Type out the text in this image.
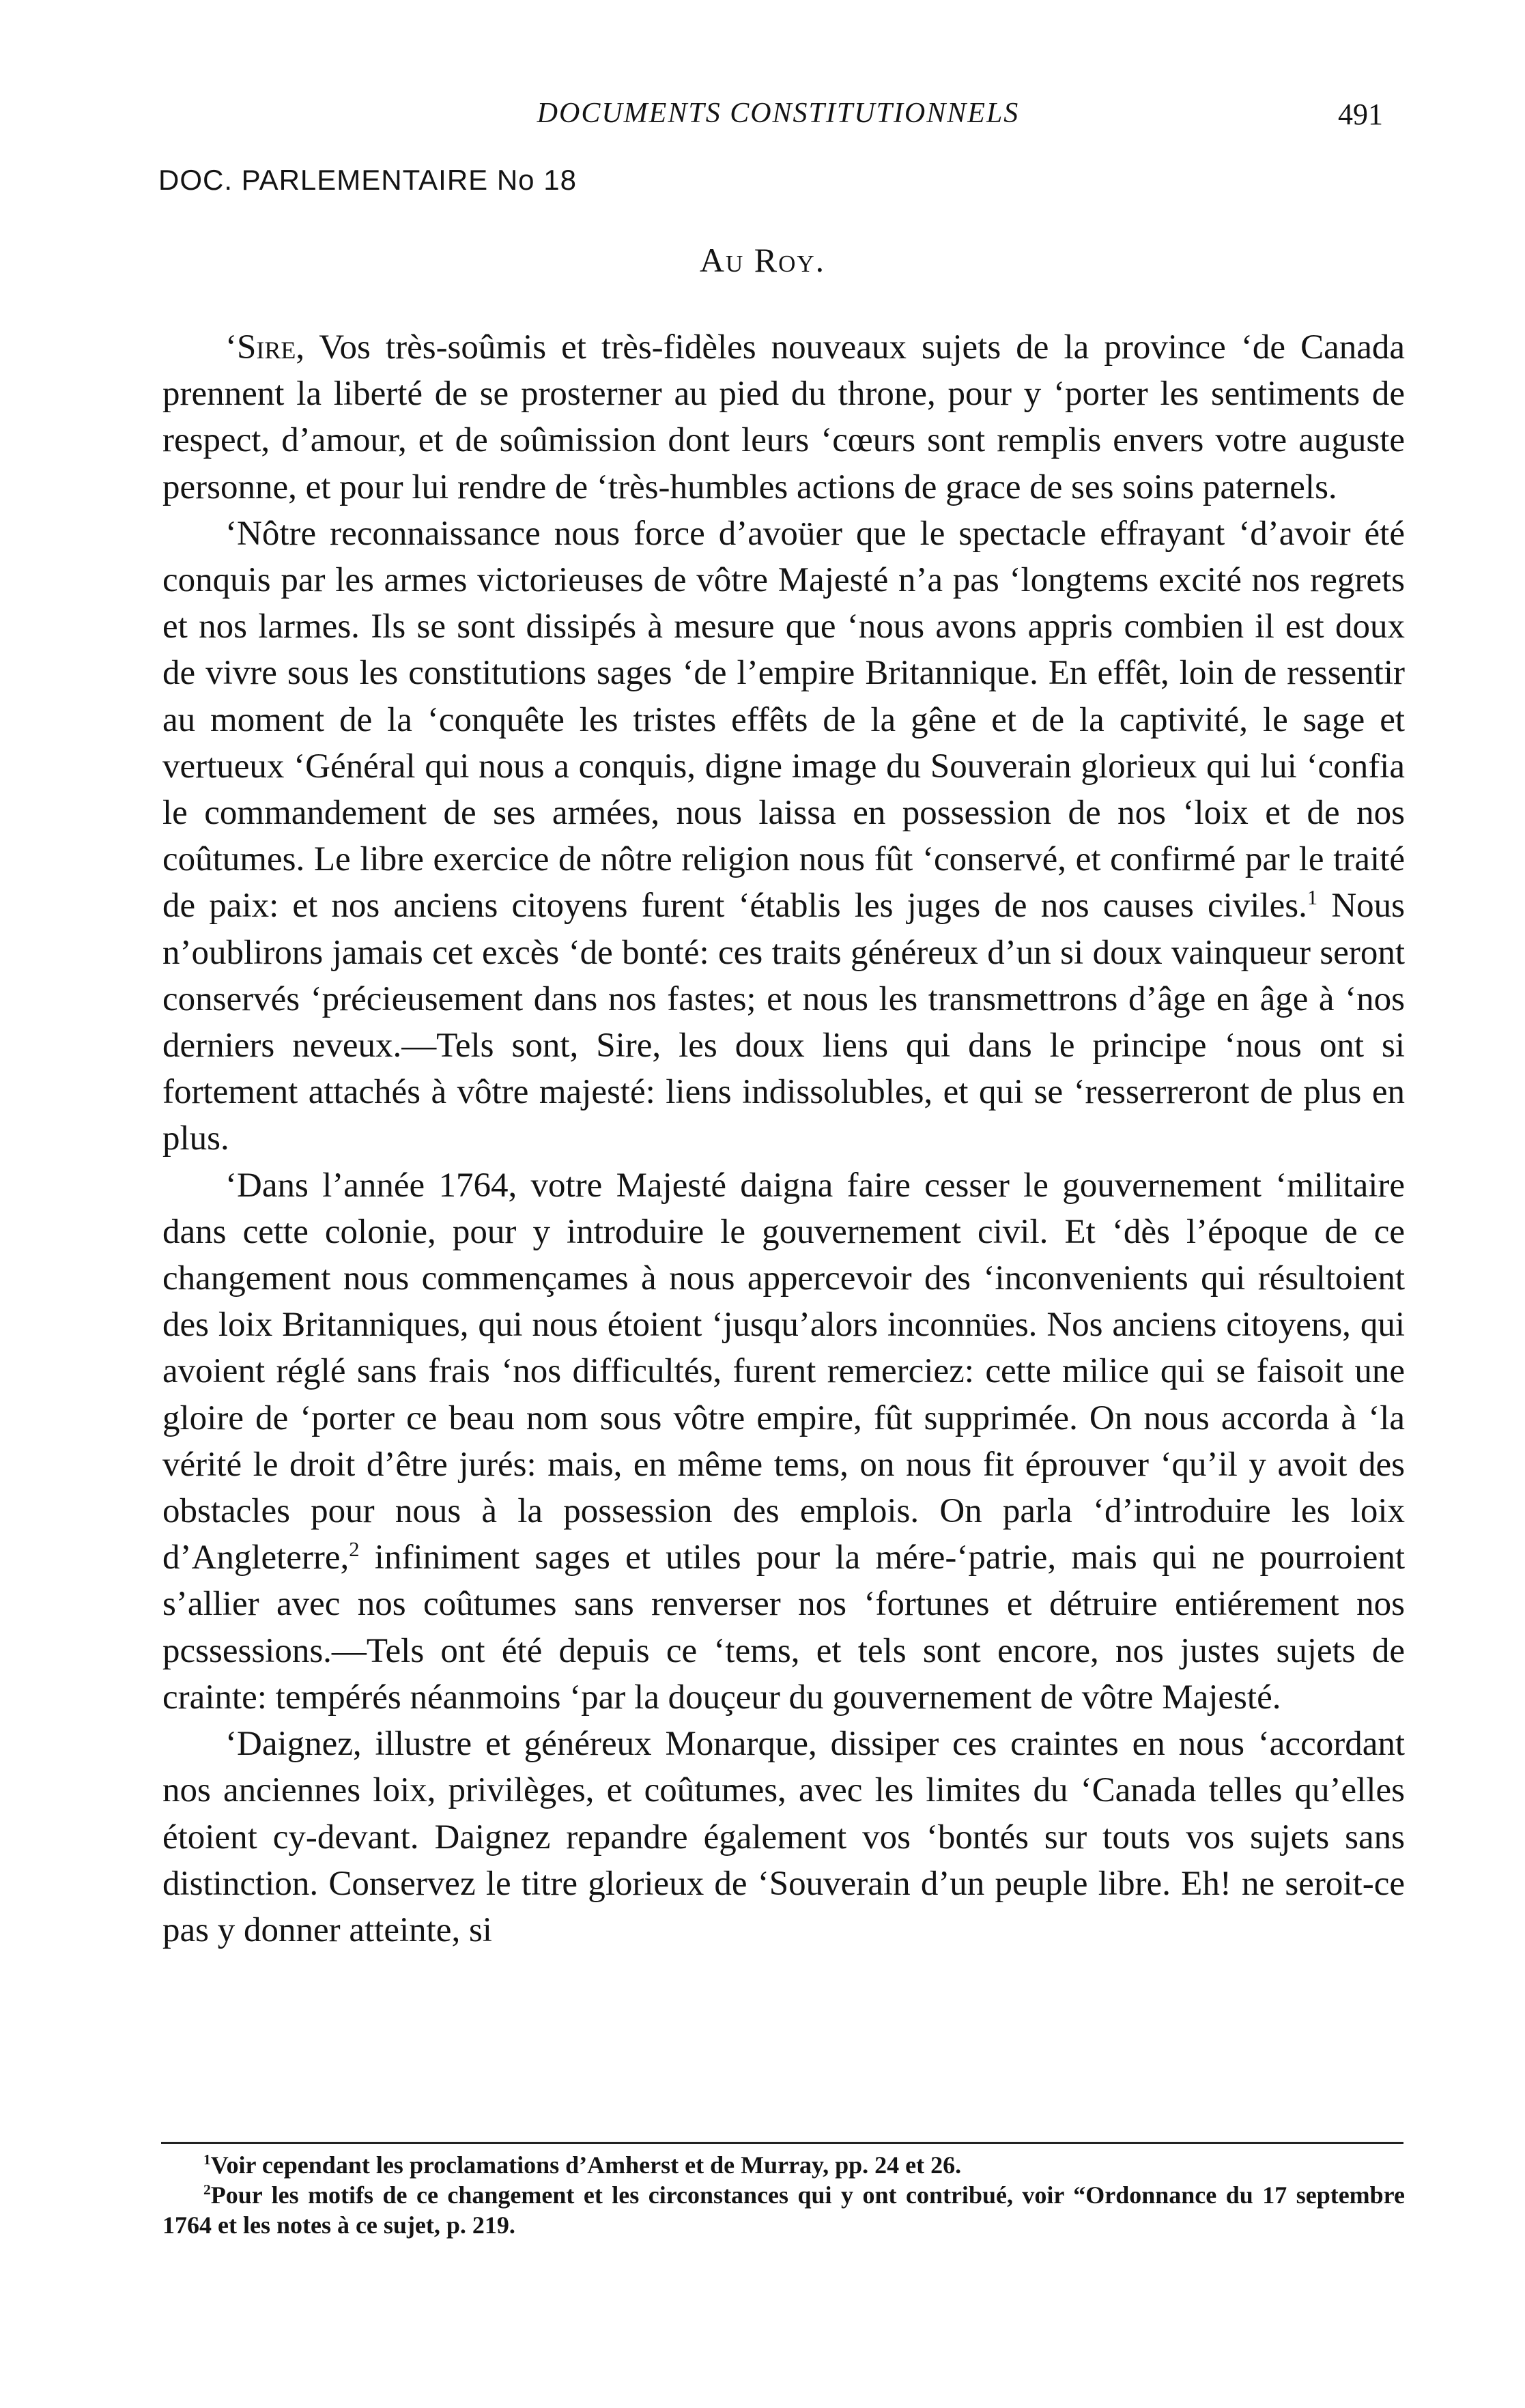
DOCUMENTS CONSTITUTIONNELS	491
DOC. PARLEMENTAIRE No 18
Au Roy.

‘Sire, Vos très-soûmis et très-fidèles nouveaux sujets de la province ‘de Canada prennent la liberté de se prosterner au pied du throne, pour y ‘porter les sentiments de respect, d’amour, et de soûmission dont leurs ‘cœurs sont remplis envers votre auguste personne, et pour lui rendre de ‘très-humbles actions de grace de ses soins paternels.

‘Nôtre reconnaissance nous force d’avoüer que le spectacle effrayant ‘d’avoir été conquis par les armes victorieuses de vôtre Majesté n’a pas ‘longtems excité nos regrets et nos larmes. Ils se sont dissipés à mesure que ‘nous avons appris combien il est doux de vivre sous les constitutions sages ‘de l’empire Britannique. En effêt, loin de ressentir au moment de la ‘conquête les tristes effêts de la gêne et de la captivité, le sage et vertueux ‘Général qui nous a conquis, digne image du Souverain glorieux qui lui ‘confia le commandement de ses armées, nous laissa en possession de nos ‘loix et de nos coûtumes. Le libre exercice de nôtre religion nous fût ‘conservé, et confirmé par le traité de paix: et nos anciens citoyens furent ‘établis les juges de nos causes civiles.$^1$ Nous n’oublirons jamais cet excès ‘de bonté: ces traits généreux d’un si doux vainqueur seront conservés ‘précieusement dans nos fastes; et nous les transmettrons d’âge en âge à ‘nos derniers neveux.—Tels sont, Sire, les doux liens qui dans le principe ‘nous ont si fortement attachés à vôtre majesté: liens indissolubles, et qui se ‘resserreront de plus en plus.

‘Dans l’année 1764, votre Majesté daigna faire cesser le gouvernement ‘militaire dans cette colonie, pour y introduire le gouvernement civil. Et ‘dès l’époque de ce changement nous commençames à nous appercevoir des ‘inconvenients qui résultoient des loix Britanniques, qui nous étoient ‘jusqu’alors inconnües. Nos anciens citoyens, qui avoient réglé sans frais ‘nos difficultés, furent remerciez: cette milice qui se faisoit une gloire de ‘porter ce beau nom sous vôtre empire, fût supprimée. On nous accorda à ‘la vérité le droit d’être jurés: mais, en même tems, on nous fit éprouver ‘qu’il y avoit des obstacles pour nous à la possession des emplois. On parla ‘d’introduire les loix d’Angleterre,$^2$ infiniment sages et utiles pour la mére-‘patrie, mais qui ne pourroient s’allier avec nos coûtumes sans renverser nos ‘fortunes et détruire entiérement nos pcssessions.—Tels ont été depuis ce ‘tems, et tels sont encore, nos justes sujets de crainte: tempérés néanmoins ‘par la douçeur du gouvernement de vôtre Majesté.

‘Daignez, illustre et généreux Monarque, dissiper ces craintes en nous ‘accordant nos anciennes loix, privilèges, et coûtumes, avec les limites du ‘Canada telles qu’elles étoient cy-devant. Daignez repandre également vos ‘bontés sur touts vos sujets sans distinction. Conservez le titre glorieux de ‘Souverain d’un peuple libre. Eh! ne seroit-ce pas y donner atteinte, si

$^1$Voir cependant les proclamations d’Amherst et de Murray, pp. 24 et 26.
$^2$Pour les motifs de ce changement et les circonstances qui y ont contribué, voir “Ordonnance du 17 septembre 1764 et les notes à ce sujet, p. 219.
